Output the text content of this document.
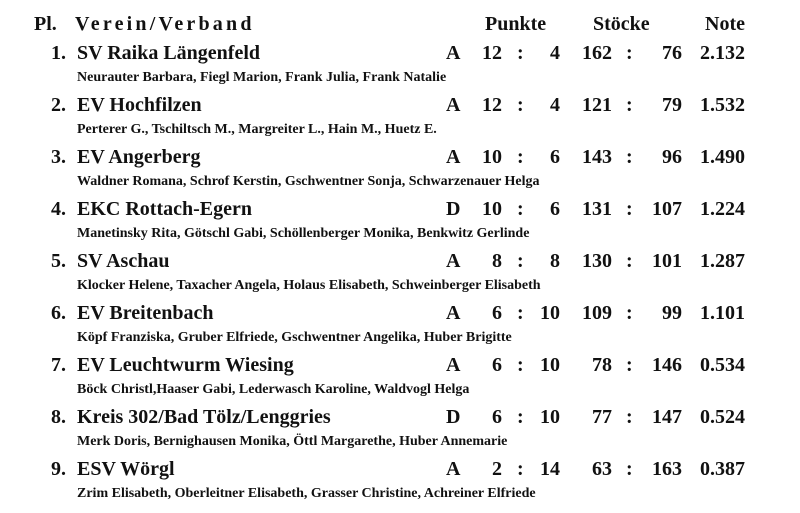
Pl. Verein/Verband	Punkte Stöcke	Note
1. SV Raika Längenfeld	A	12 :	4	162 :	76 2.132
Neurauter Barbara, Fiegl Marion, Frank Julia, Frank Natalie
2. EV Hochfilzen	A	12 :	4	121 :	79 1.532
Perterer G., Tschiltsch M., Margreiter L., Hain M., Huetz E.
3. EV Angerberg	A	10 :	6	143 :	96 1.490
Waldner Romana, Schrof Kerstin, Gschwentner Sonja, Schwarzenauer Helga
4. EKC Rottach-Egern	D	10 :	6	131 : 107 1.224
Manetinsky Rita, Götschl Gabi, Schöllenberger Monika, Benkwitz Gerlinde
5. SV Aschau	A	8 :	8	130 : 101 1.287
Klocker Helene, Taxacher Angela, Holaus Elisabeth, Schweinberger Elisabeth
6. EV Breitenbach	A	6 : 10	109 :	99 1.101
Köpf Franziska, Gruber Elfriede, Gschwentner Angelika, Huber Brigitte
7. EV Leuchtwurm Wiesing	A	6 : 10	78 : 146 0.534
Böck Christl,Haaser Gabi, Lederwasch Karoline, Waldvogl Helga
8. Kreis 302/Bad Tölz/Lenggries	D	6 : 10	77 : 147 0.524
Merk Doris, Bernighausen Monika, Öttl Margarethe, Huber Annemarie
9. ESV Wörgl	A	2 : 14	63 : 163 0.387
Zrim Elisabeth, Oberleitner Elisabeth, Grasser Christine, Achreiner Elfriede
